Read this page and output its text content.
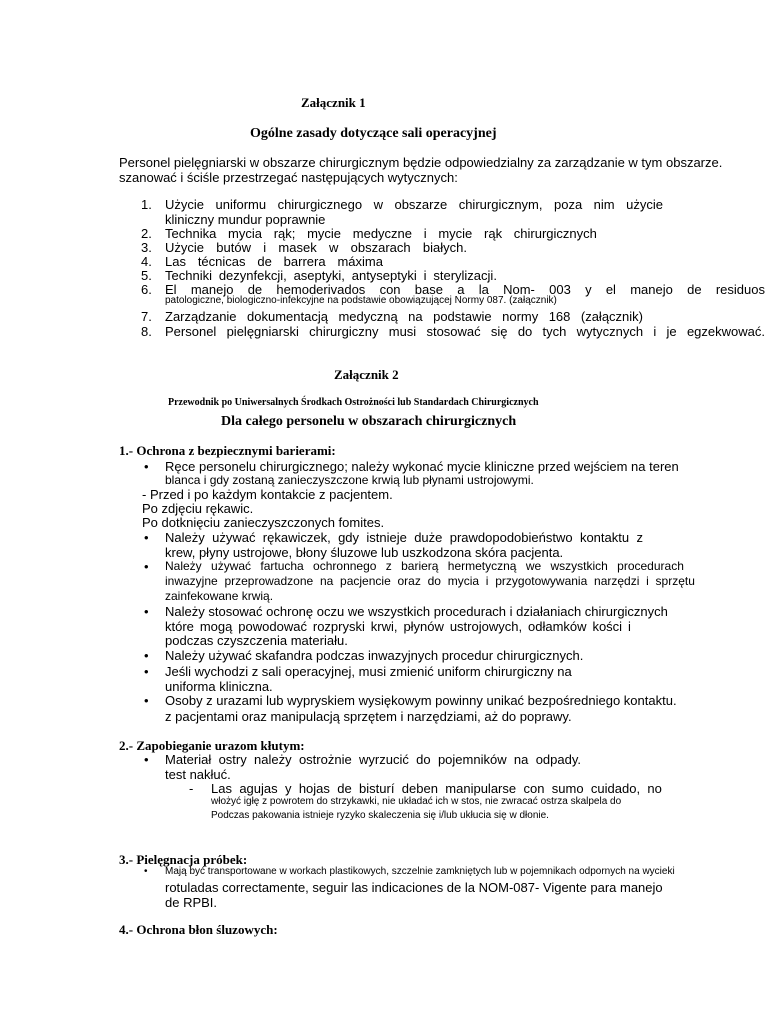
Załącznik 1
Ogólne zasady dotyczące sali operacyjnej
Personel pielęgniarski w obszarze chirurgicznym będzie odpowiedzialny za zarządzanie w tym obszarze.
szanować i ściśle przestrzegać następujących wytycznych:
1. Użycie uniformu chirurgicznego w obszarze chirurgicznym, poza nim użycie
2. Technika mycia rąk; mycie medyczne i mycie rąk chirurgicznych
3. Użycie butów i masek w obszarach białych.
4. Las técnicas de barrera máxima
5. Techniki dezynfekcji, aseptyki, antyseptyki i sterylizacji.
6. El manejo de hemoderivados con base a la Nom- 003 y el manejo de residuos
7. Zarządzanie dokumentacją medyczną na podstawie normy 168 (załącznik)
8. Personel pielęgniarski chirurgiczny musi stosować się do tych wytycznych i je egzekwować.
kliniczny mundur poprawnie
patologiczne, biologiczno-infekcyjne na podstawie obowiązującej Normy 087. (załącznik)
Załącznik 2
Przewodnik po Uniwersalnych Środkach Ostrożności lub Standardach Chirurgicznych
Dla całego personelu w obszarach chirurgicznych
1.- Ochrona z bezpiecznymi barierami:
• Ręce personelu chirurgicznego; należy wykonać mycie kliniczne przed wejściem na teren
blanca i gdy zostaną zanieczyszczone krwią lub płynami ustrojowymi.
- Przed i po każdym kontakcie z pacjentem.
Po zdjęciu rękawic.
Po dotknięciu zanieczyszczonych fomites.
• Należy używać rękawiczek, gdy istnieje duże prawdopodobieństwo kontaktu z
krew, płyny ustrojowe, błony śluzowe lub uszkodzona skóra pacjenta.
• Należy używać fartucha ochronnego z barierą hermetyczną we wszystkich procedurach
inwazyjne przeprowadzone na pacjencie oraz do mycia i przygotowywania narzędzi i sprzętu
zainfekowane krwią.
• Należy stosować ochronę oczu we wszystkich procedurach i działaniach chirurgicznych
które mogą powodować rozpryski krwi, płynów ustrojowych, odłamków kości i
podczas czyszczenia materiału.
• Należy używać skafandra podczas inwazyjnych procedur chirurgicznych.
• Jeśli wychodzi z sali operacyjnej, musi zmienić uniform chirurgiczny na
uniforma kliniczna.
• Osoby z urazami lub wypryskiem wysiękowym powinny unikać bezpośredniego kontaktu.
z pacjentami oraz manipulacją sprzętem i narzędziami, aż do poprawy.
2.- Zapobieganie urazom kłutym:
• Materiał ostry należy ostrożnie wyrzucić do pojemników na odpady.
test nakłuć.
- Las agujas y hojas de bisturí deben manipularse con sumo cuidado, no
włożyć igłę z powrotem do strzykawki, nie układać ich w stos, nie zwracać ostrza skalpela do
Podczas pakowania istnieje ryzyko skaleczenia się i/lub ukłucia się w dłonie.
3.- Pielęgnacja próbek:
• Mają być transportowane w workach plastikowych, szczelnie zamkniętych lub w pojemnikach odpornych na wycieki
rotuladas correctamente, seguir las indicaciones de la NOM-087- Vigente para manejo
de RPBI.
4.- Ochrona błon śluzowych:
